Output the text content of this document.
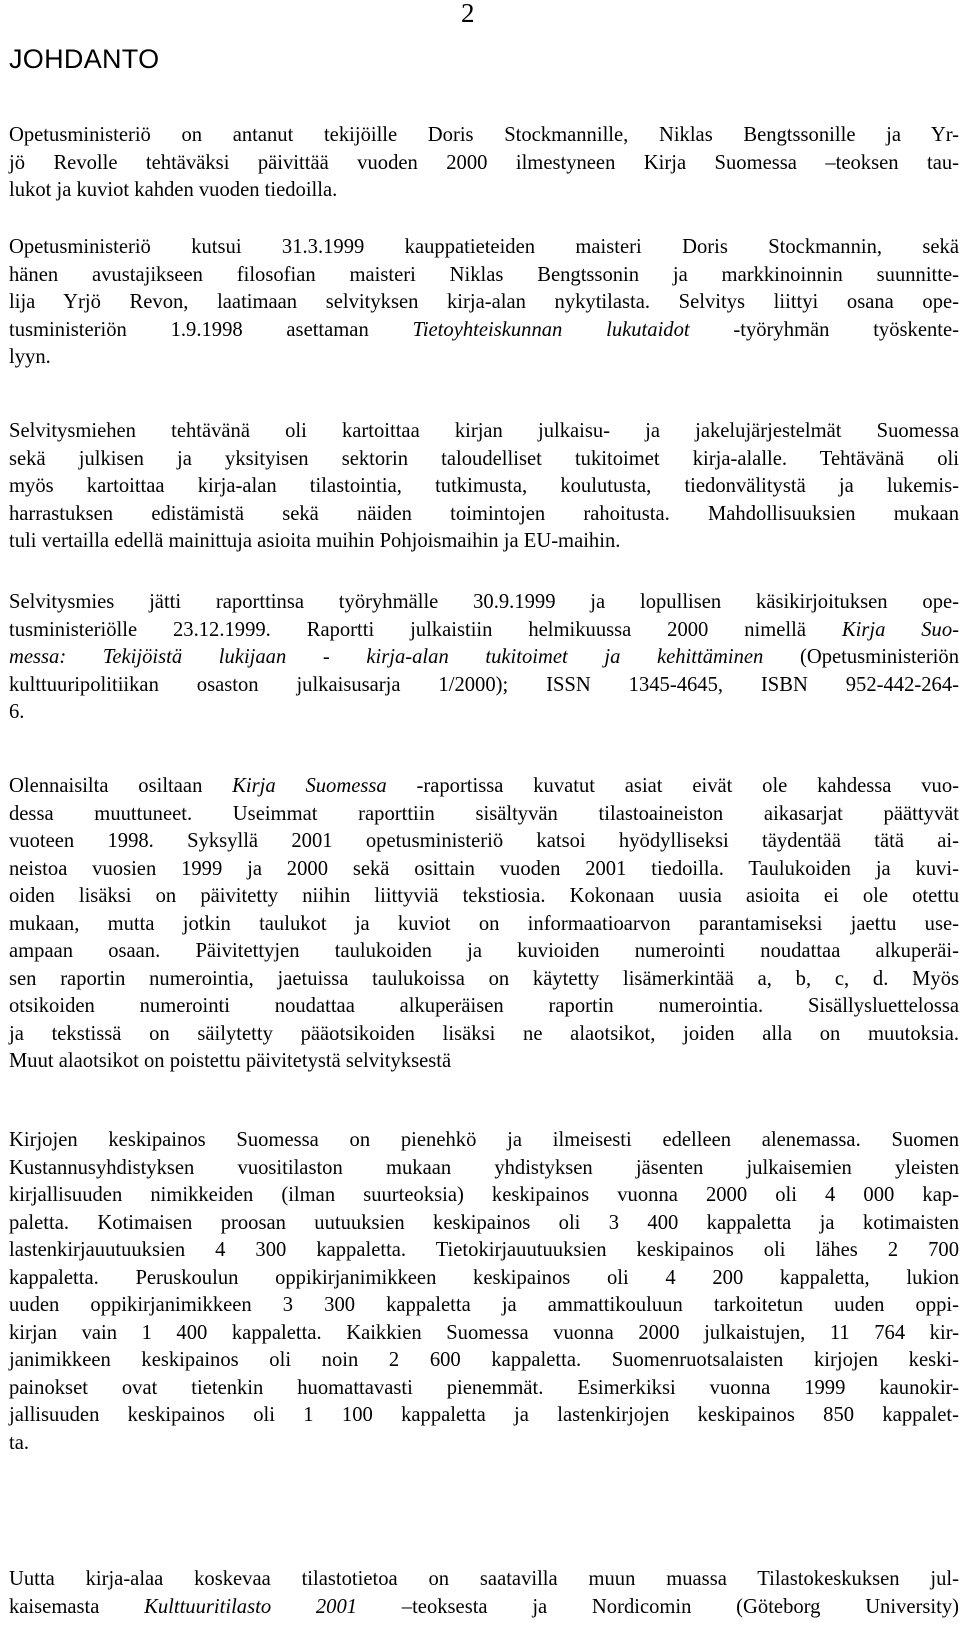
2
JOHDANTO
Opetusministeriö on antanut tekijöille Doris Stockmannille, Niklas Bengtssonille ja Yr-
jö Revolle tehtäväksi päivittää vuoden 2000 ilmestyneen Kirja Suomessa –teoksen tau-
lukot ja kuviot kahden vuoden tiedoilla.
Opetusministeriö kutsui 31.3.1999 kauppatieteiden maisteri Doris Stockmannin, sekä
hänen avustajikseen filosofian maisteri Niklas Bengtssonin ja markkinoinnin suunnitte-
lija Yrjö Revon, laatimaan selvityksen kirja-alan nykytilasta. Selvitys liittyi osana ope-
tusministeriön 1.9.1998 asettaman Tietoyhteiskunnan lukutaidot -työryhmän työskente-
lyyn.
Selvitysmiehen tehtävänä oli kartoittaa kirjan julkaisu- ja jakelujärjestelmät Suomessa
sekä julkisen ja yksityisen sektorin taloudelliset tukitoimet kirja-alalle. Tehtävänä oli
myös kartoittaa kirja-alan tilastointia, tutkimusta, koulutusta, tiedonvälitystä ja lukemis-
harrastuksen edistämistä sekä näiden toimintojen rahoitusta. Mahdollisuuksien mukaan
tuli vertailla edellä mainittuja asioita muihin Pohjoismaihin ja EU-maihin.
Selvitysmies jätti raporttinsa työryhmälle 30.9.1999 ja lopullisen käsikirjoituksen ope-
tusministeriölle 23.12.1999. Raportti julkaistiin helmikuussa 2000 nimellä Kirja Suo-
messa: Tekijöistä lukijaan - kirja-alan tukitoimet ja kehittäminen (Opetusministeriön
kulttuuripolitiikan osaston julkaisusarja 1/2000); ISSN 1345-4645, ISBN 952-442-264-
6.
Olennaisilta osiltaan Kirja Suomessa -raportissa kuvatut asiat eivät ole kahdessa vuo-
dessa muuttuneet. Useimmat raporttiin sisältyvän tilastoaineiston aikasarjat päättyvät
vuoteen 1998. Syksyllä 2001 opetusministeriö katsoi hyödylliseksi täydentää tätä ai-
neistoa vuosien 1999 ja 2000 sekä osittain vuoden 2001 tiedoilla. Taulukoiden ja kuvi-
oiden lisäksi on päivitetty niihin liittyviä tekstiosia. Kokonaan uusia asioita ei ole otettu
mukaan, mutta jotkin taulukot ja kuviot on informaatioarvon parantamiseksi jaettu use-
ampaan osaan. Päivitettyjen taulukoiden ja kuvioiden numerointi noudattaa alkuperäi-
sen raportin numerointia, jaetuissa taulukoissa on käytetty lisämerkintää a, b, c, d. Myös
otsikoiden numerointi noudattaa alkuperäisen raportin numerointia. Sisällysluettelossa
ja tekstissä on säilytetty pääotsikoiden lisäksi ne alaotsikot, joiden alla on muutoksia.
Muut alaotsikot on poistettu päivitetystä selvityksestä
Kirjojen keskipainos Suomessa on pienehkö ja ilmeisesti edelleen alenemassa. Suomen
Kustannusyhdistyksen vuositilaston mukaan yhdistyksen jäsenten julkaisemien yleisten
kirjallisuuden nimikkeiden (ilman suurteoksia) keskipainos vuonna 2000 oli 4 000 kap-
paletta. Kotimaisen proosan uutuuksien keskipainos oli 3 400 kappaletta ja kotimaisten
lastenkirjauutuuksien 4 300 kappaletta. Tietokirjauutuuksien keskipainos oli lähes 2 700
kappaletta. Peruskoulun oppikirjanimikkeen keskipainos oli 4 200 kappaletta, lukion
uuden oppikirjanimikkeen 3 300 kappaletta ja ammattikouluun tarkoitetun uuden oppi-
kirjan vain 1 400 kappaletta. Kaikkien Suomessa vuonna 2000 julkaistujen, 11 764 kir-
janimikkeen keskipainos oli noin 2 600 kappaletta. Suomenruotsalaisten kirjojen keski-
painokset ovat tietenkin huomattavasti pienemmät. Esimerkiksi vuonna 1999 kaunokir-
jallisuuden keskipainos oli 1 100 kappaletta ja lastenkirjojen keskipainos 850 kappalet-
ta.
Uutta kirja-alaa koskevaa tilastotietoa on saatavilla muun muassa Tilastokeskuksen jul-
kaisemasta Kulttuuritilasto 2001 –teoksesta ja Nordicomin (Göteborg University)
